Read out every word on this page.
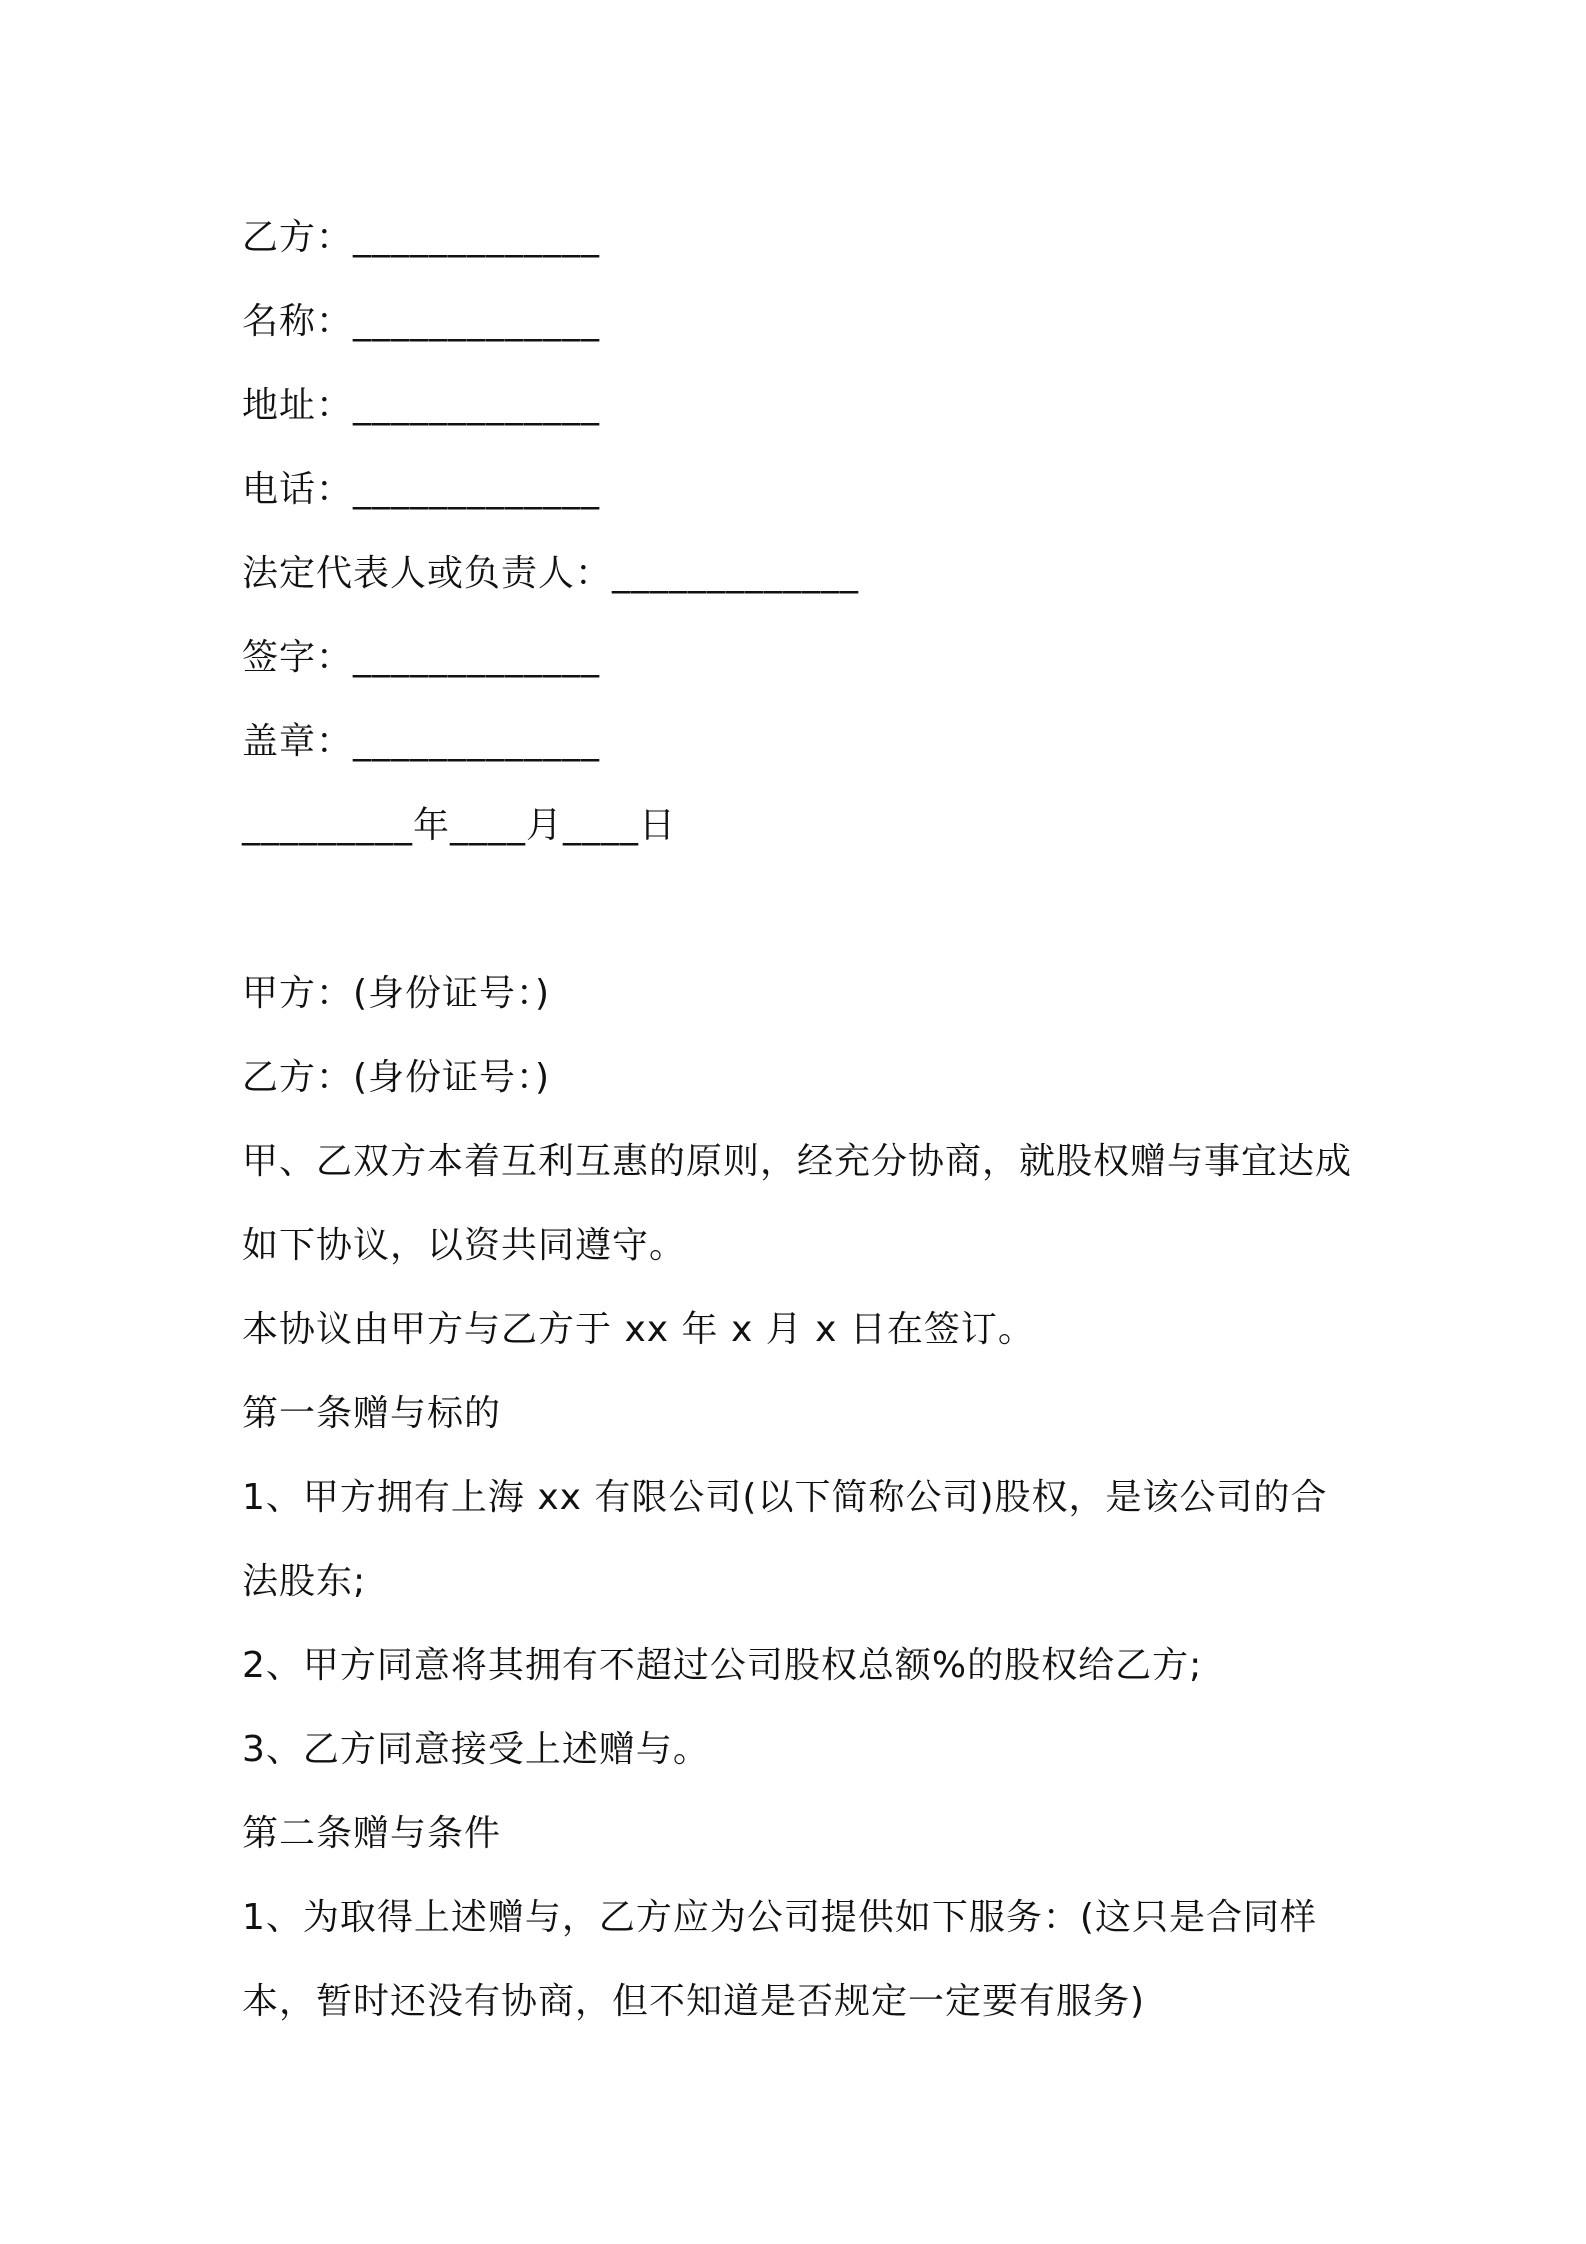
乙方：_____________
名称：_____________
地址：_____________
电话：_____________
法定代表人或负责人：_____________
签字：_____________
盖章：_____________
_________年____月____日
甲方：(身份证号：)
乙方：(身份证号：)
甲、乙双方本着互利互惠的原则，经充分协商，就股权赠与事宜达成如下协议，以资共同遵守。
本协议由甲方与乙方于 xx 年 x 月 x 日在签订。
第一条赠与标的
1、甲方拥有上海 xx 有限公司(以下简称公司)股权，是该公司的合法股东;
2、甲方同意将其拥有不超过公司股权总额%的股权给乙方;
3、乙方同意接受上述赠与。
第二条赠与条件
1、为取得上述赠与，乙方应为公司提供如下服务：(这只是合同样本，暂时还没有协商，但不知道是否规定一定要有服务)
